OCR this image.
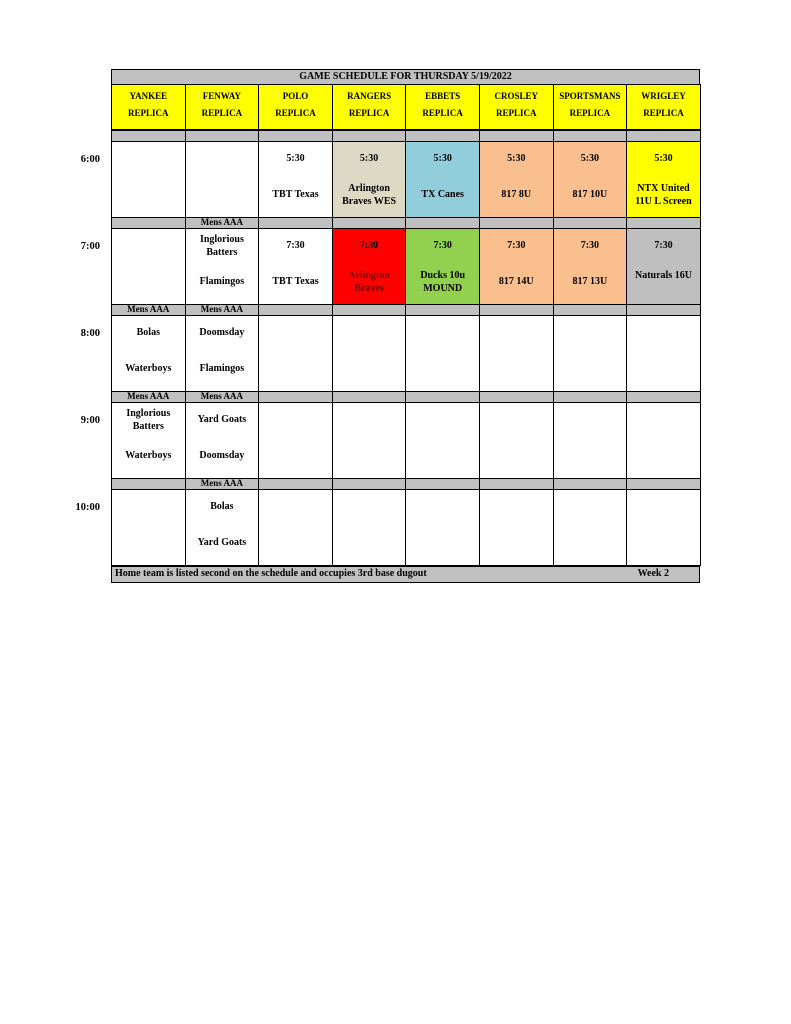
GAME SCHEDULE FOR THURSDAY 5/19/2022
YANKEE
REPLICA
FENWAY
REPLICA
POLO
REPLICA
RANGERS
REPLICA
EBBETS
REPLICA
CROSLEY
REPLICA
SPORTSMANS
REPLICA
WRIGLEY
REPLICA
5:30
TBT Texas
5:30
Arlington Braves WES
5:30
TX Canes
5:30
817 8U
5:30
817 10U
5:30
NTX United 11U L Screen
Mens AAA
Inglorious Batters
Flamingos
7:30
TBT Texas
7:30
Arlington Braves
7:30
Ducks 10u MOUND
7:30
817 14U
7:30
817 13U
7:30
Naturals 16U
Mens AAA
Bolas
Waterboys
Mens AAA
Doomsday
Flamingos
Mens AAA
Inglorious Batters
Waterboys
Mens AAA
Yard Goats
Doomsday
Mens AAA
Bolas
Yard Goats
Home team is listed second on the schedule and occupies 3rd base dugout	Week 2
6:00
7:00
8:00
9:00
10:00
